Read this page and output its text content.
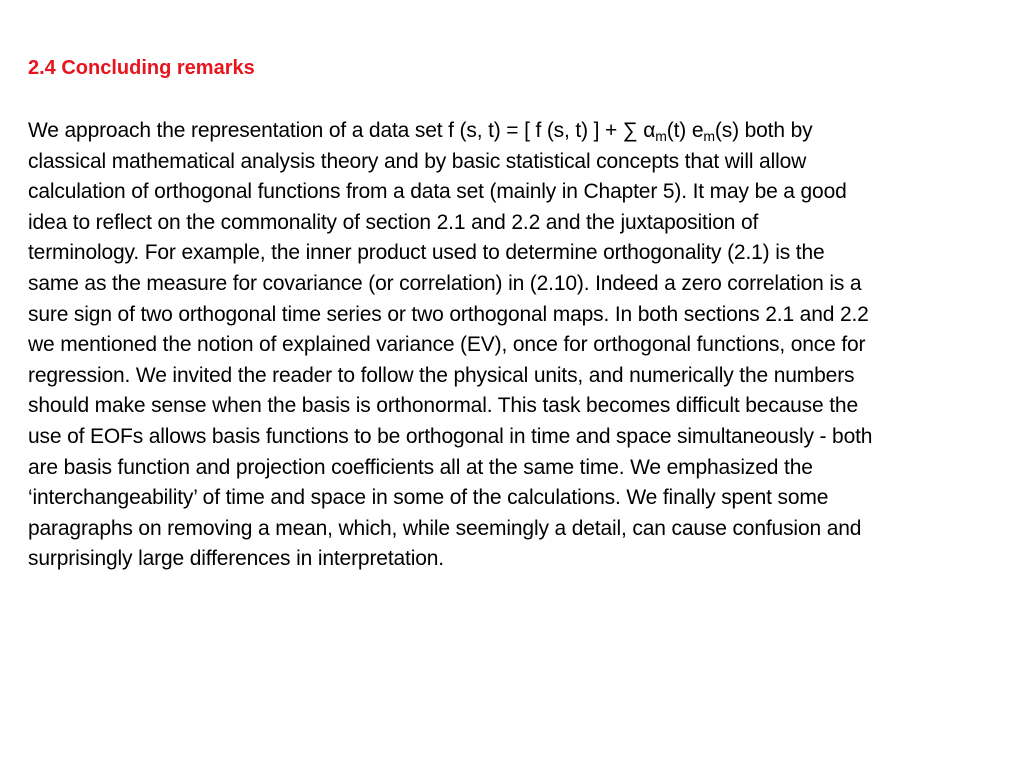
2.4 Concluding remarks
We approach the representation of a data set f (s, t) = [ f (s, t) ] + ∑ $\alpha_m(t)$ $e_m(s)$ both by
classical mathematical analysis theory and by basic statistical concepts that will allow
calculation of orthogonal functions from a data set (mainly in Chapter 5). It may be a good
idea to reflect on the commonality of section 2.1 and 2.2 and the juxtaposition of
terminology. For example, the inner product used to determine orthogonality (2.1) is the
same as the measure for covariance (or correlation) in (2.10). Indeed a zero correlation is a
sure sign of two orthogonal time series or two orthogonal maps. In both sections 2.1 and 2.2
we mentioned the notion of explained variance (EV), once for orthogonal functions, once for
regression. We invited the reader to follow the physical units, and numerically the numbers
should make sense when the basis is orthonormal. This task becomes difficult because the
use of EOFs allows basis functions to be orthogonal in time and space simultaneously - both
are basis function and projection coefficients all at the same time. We emphasized the
‘interchangeability’ of time and space in some of the calculations. We finally spent some
paragraphs on removing a mean, which, while seemingly a detail, can cause confusion and
surprisingly large differences in interpretation.
